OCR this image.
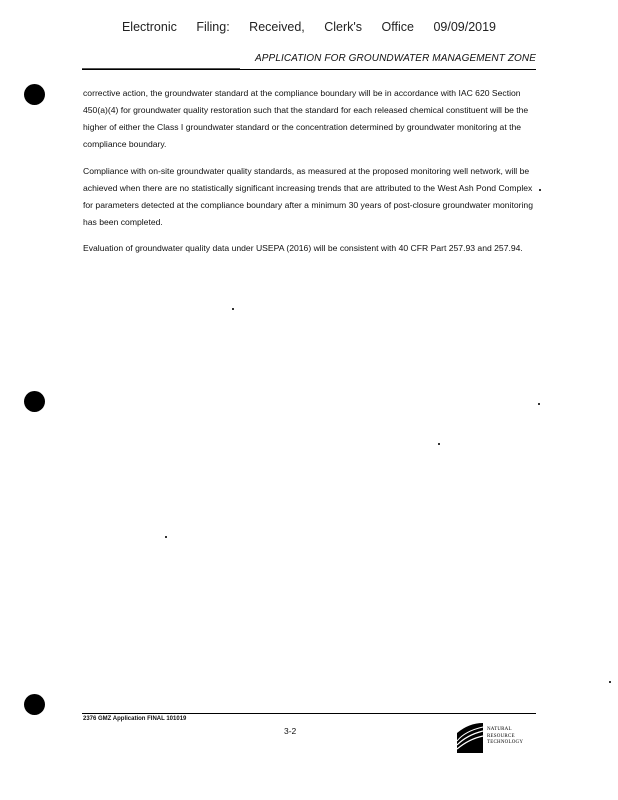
Electronic Filing: Received, Clerk's Office 09/09/2019
APPLICATION FOR GROUNDWATER MANAGEMENT ZONE

corrective action, the groundwater standard at the compliance boundary will be in accordance with IAC 620 Section 450(a)(4) for groundwater quality restoration such that the standard for each released chemical constituent will be the higher of either the Class I groundwater standard or the concentration determined by groundwater monitoring at the compliance boundary.

Compliance with on-site groundwater quality standards, as measured at the proposed monitoring well network, will be achieved when there are no statistically significant increasing trends that are attributed to the West Ash Pond Complex for parameters detected at the compliance boundary after a minimum 30 years of post-closure groundwater monitoring has been completed.

Evaluation of groundwater quality data under USEPA (2016) will be consistent with 40 CFR Part 257.93 and 257.94.

2376 GMZ Application FINAL 101019
3-2	NATURAL
RESOURCE
TECHNOLOGY
